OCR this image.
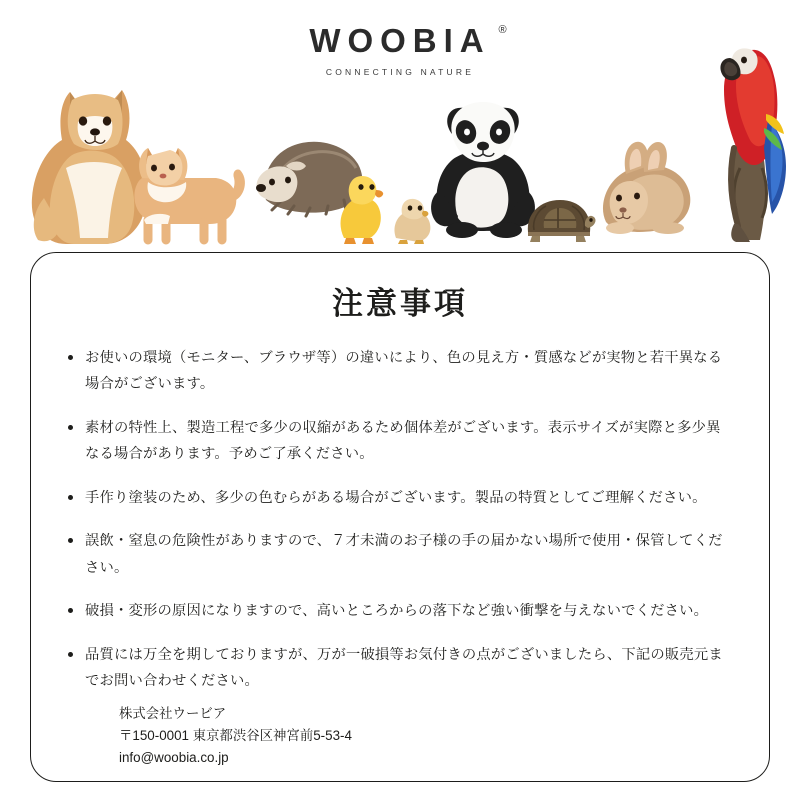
WOOBIA ®
CONNECTING NATURE
注意事項
お使いの環境（モニター、ブラウザ等）の違いにより、色の見え方・質感などが実物と若干異なる場合がございます。
素材の特性上、製造工程で多少の収縮があるため個体差がございます。表示サイズが実際と多少異なる場合があります。予めご了承ください。
手作り塗装のため、多少の色むらがある場合がございます。製品の特質としてご理解ください。
誤飲・窒息の危険性がありますので、７才未満のお子様の手の届かない場所で使用・保管してください。
破損・変形の原因になりますので、高いところからの落下など強い衝撃を与えないでください。
品質には万全を期しておりますが、万が一破損等お気付きの点がございましたら、下記の販売元までお問い合わせください。
株式会社ウービア
〒150-0001 東京都渋谷区神宮前5-53-4
info@woobia.co.jp
